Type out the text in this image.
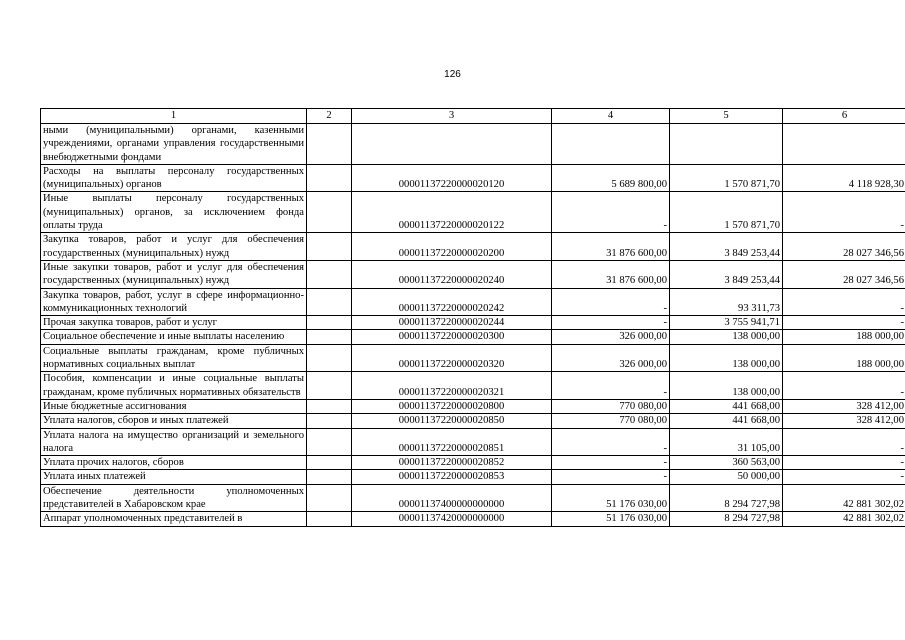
126
1	2	3	4	5	6
ными (муниципальными) органами, казенными учреждениями, органами управления государственными внебюджетными фондами					
Расходы на выплаты персоналу государственных (муниципальных) органов		00001137220000020120	5 689 800,00	1 570 871,70	4 118 928,30
Иные выплаты персоналу государственных (муниципальных) органов, за исключением фонда оплаты труда		00001137220000020122	-	1 570 871,70	-
Закупка товаров, работ и услуг для обеспечения государственных (муниципальных) нужд		00001137220000020200	31 876 600,00	3 849 253,44	28 027 346,56
Иные закупки товаров, работ и услуг для обеспечения государственных (муниципальных) нужд		00001137220000020240	31 876 600,00	3 849 253,44	28 027 346,56
Закупка товаров, работ, услуг в сфере информационно-коммуникационных технологий		00001137220000020242	-	93 311,73	-
Прочая закупка товаров, работ и услуг		00001137220000020244	-	3 755 941,71	-
Социальное обеспечение и иные выплаты населению		00001137220000020300	326 000,00	138 000,00	188 000,00
Социальные выплаты гражданам, кроме публичных нормативных социальных выплат		00001137220000020320	326 000,00	138 000,00	188 000,00
Пособия, компенсации и иные социальные выплаты гражданам, кроме публичных нормативных обязательств		00001137220000020321	-	138 000,00	-
Иные бюджетные ассигнования		00001137220000020800	770 080,00	441 668,00	328 412,00
Уплата налогов, сборов и иных платежей		00001137220000020850	770 080,00	441 668,00	328 412,00
Уплата налога на имущество организаций и земельного налога		00001137220000020851	-	31 105,00	-
Уплата прочих налогов, сборов		00001137220000020852	-	360 563,00	-
Уплата иных платежей		00001137220000020853	-	50 000,00	-
Обеспечение деятельности уполномоченных представителей в Хабаровском крае		00001137400000000000	51 176 030,00	8 294 727,98	42 881 302,02
Аппарат уполномоченных представителей в		00001137420000000000	51 176 030,00	8 294 727,98	42 881 302,02
